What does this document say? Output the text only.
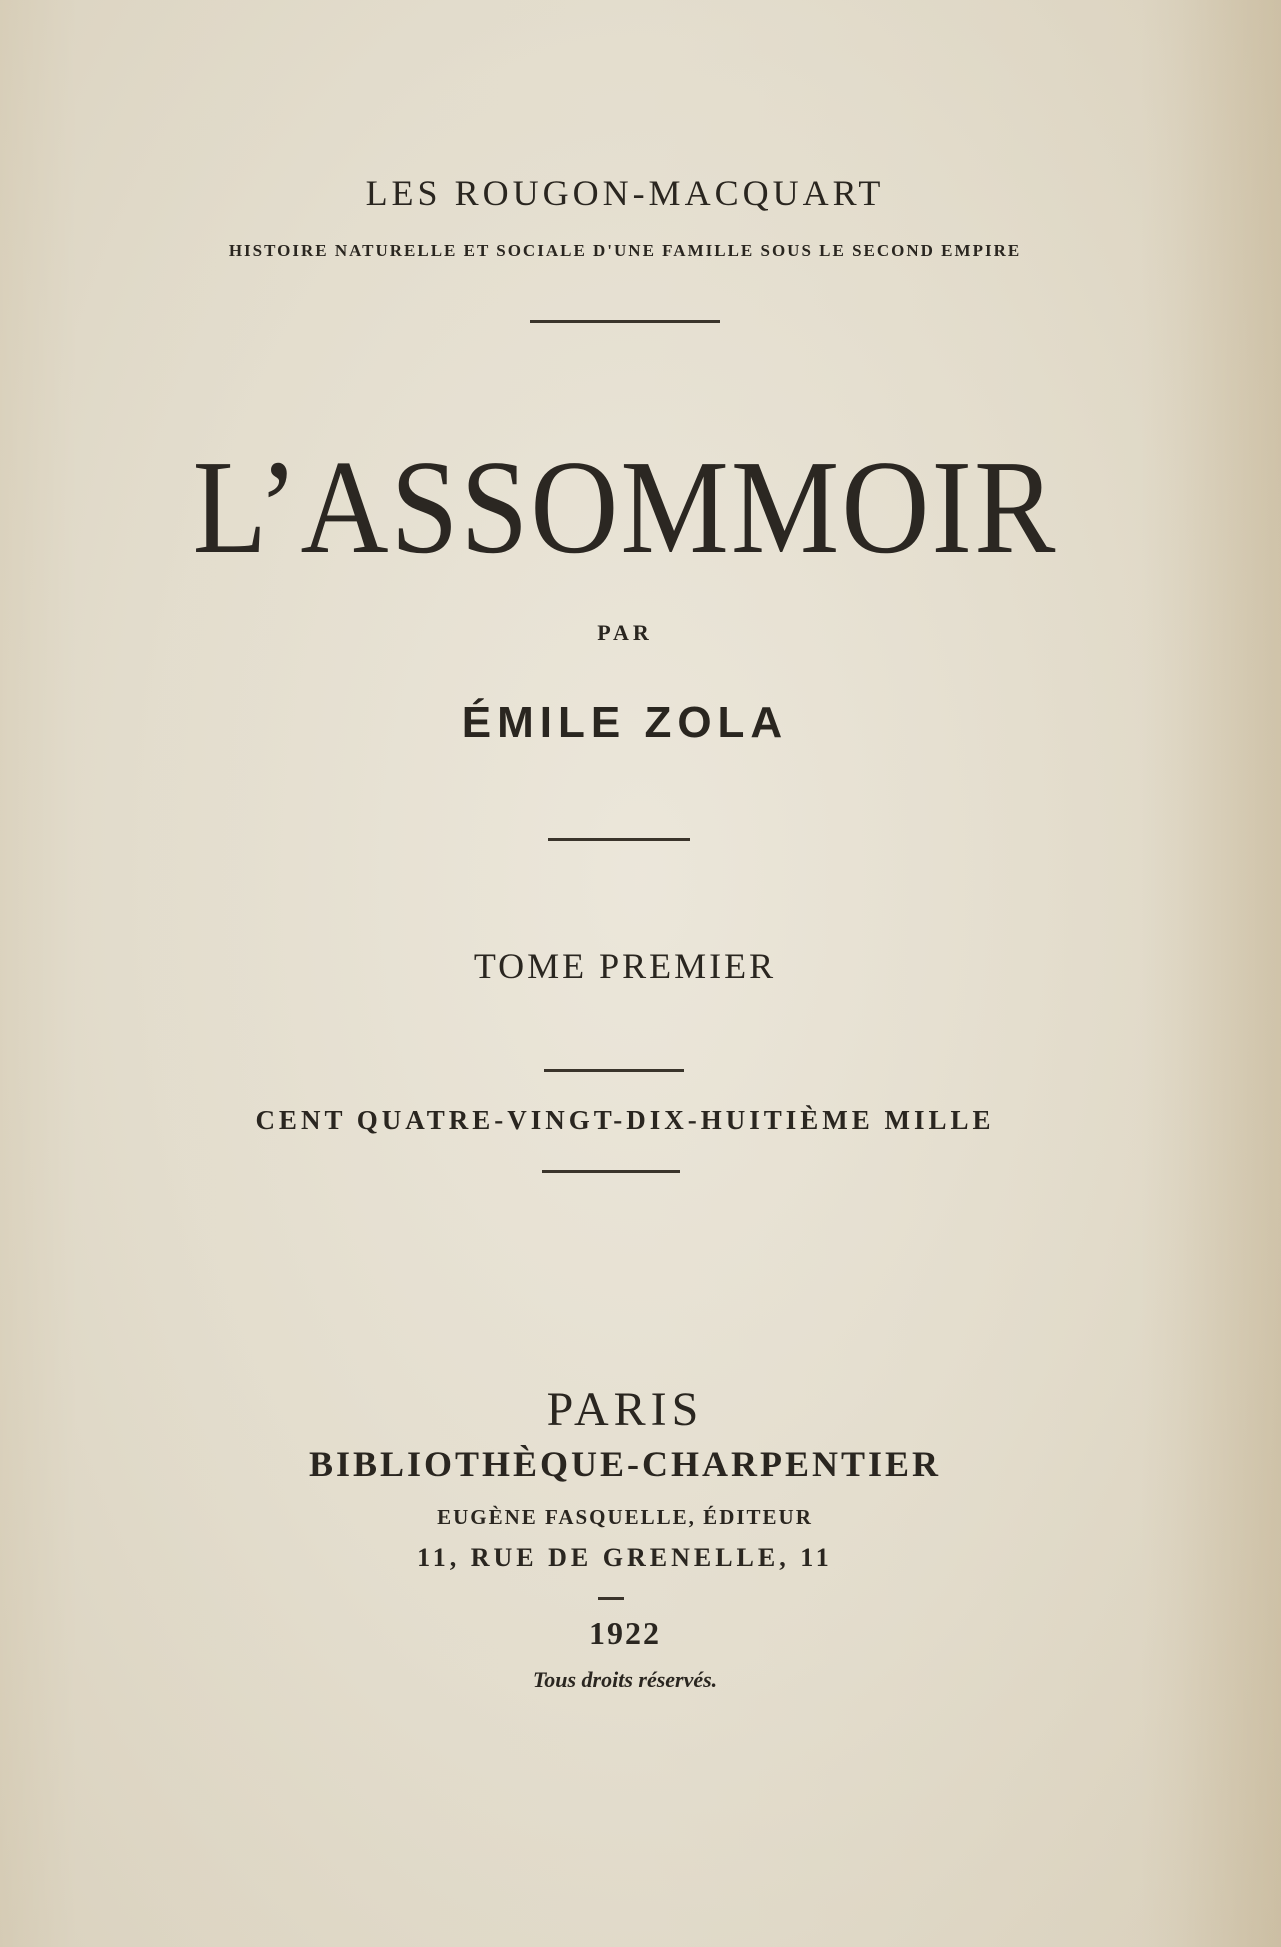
LES ROUGON-MACQUART
HISTOIRE NATURELLE ET SOCIALE D'UNE FAMILLE SOUS LE SECOND EMPIRE
L’ASSOMMOIR
PAR
ÉMILE ZOLA
TOME PREMIER
CENT QUATRE-VINGT-DIX-HUITIÈME MILLE
PARIS
BIBLIOTHÈQUE-CHARPENTIER
EUGÈNE FASQUELLE, ÉDITEUR
11, RUE DE GRENELLE, 11
1922
Tous droits réservés.
